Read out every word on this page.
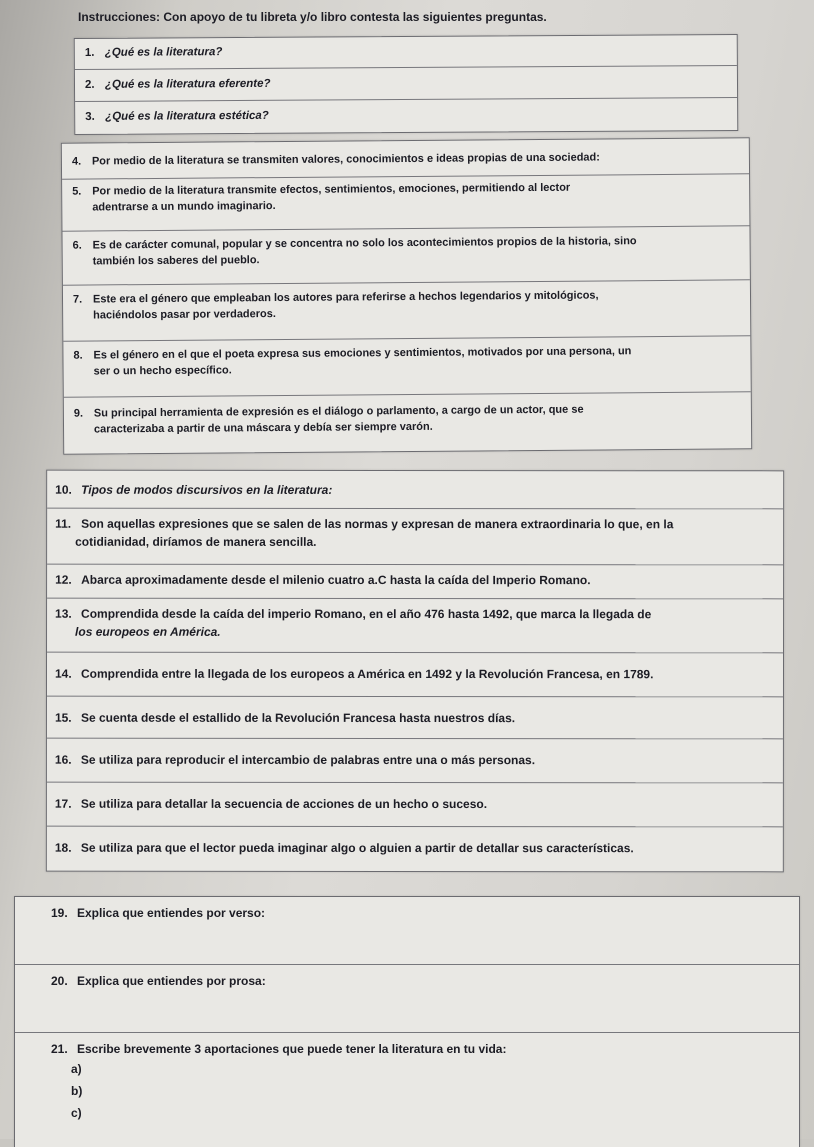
Instrucciones: Con apoyo de tu libreta y/o libro contesta las siguientes preguntas.
1. ¿Qué es la literatura?
2. ¿Qué es la literatura eferente?
3. ¿Qué es la literatura estética?
4. Por medio de la literatura se transmiten valores, conocimientos e ideas propias de una sociedad:
5. Por medio de la literatura transmite efectos, sentimientos, emociones, permitiendo al lector
adentrarse a un mundo imaginario.
6. Es de carácter comunal, popular y se concentra no solo los acontecimientos propios de la historia, sino
también los saberes del pueblo.
7. Este era el género que empleaban los autores para referirse a hechos legendarios y mitológicos,
haciéndolos pasar por verdaderos.
8. Es el género en el que el poeta expresa sus emociones y sentimientos, motivados por una persona, un
ser o un hecho específico.
9. Su principal herramienta de expresión es el diálogo o parlamento, a cargo de un actor, que se
caracterizaba a partir de una máscara y debía ser siempre varón.
10. Tipos de modos discursivos en la literatura:
11. Son aquellas expresiones que se salen de las normas y expresan de manera extraordinaria lo que, en la
cotidianidad, diríamos de manera sencilla.
12. Abarca aproximadamente desde el milenio cuatro a.C hasta la caída del Imperio Romano.
13. Comprendida desde la caída del imperio Romano, en el año 476 hasta 1492, que marca la llegada de
los europeos en América.
14. Comprendida entre la llegada de los europeos a América en 1492 y la Revolución Francesa, en 1789.
15. Se cuenta desde el estallido de la Revolución Francesa hasta nuestros días.
16. Se utiliza para reproducir el intercambio de palabras entre una o más personas.
17. Se utiliza para detallar la secuencia de acciones de un hecho o suceso.
18. Se utiliza para que el lector pueda imaginar algo o alguien a partir de detallar sus características.
19. Explica que entiendes por verso:
20. Explica que entiendes por prosa:
21. Escribe brevemente 3 aportaciones que puede tener la literatura en tu vida:
a)
b)
c)
